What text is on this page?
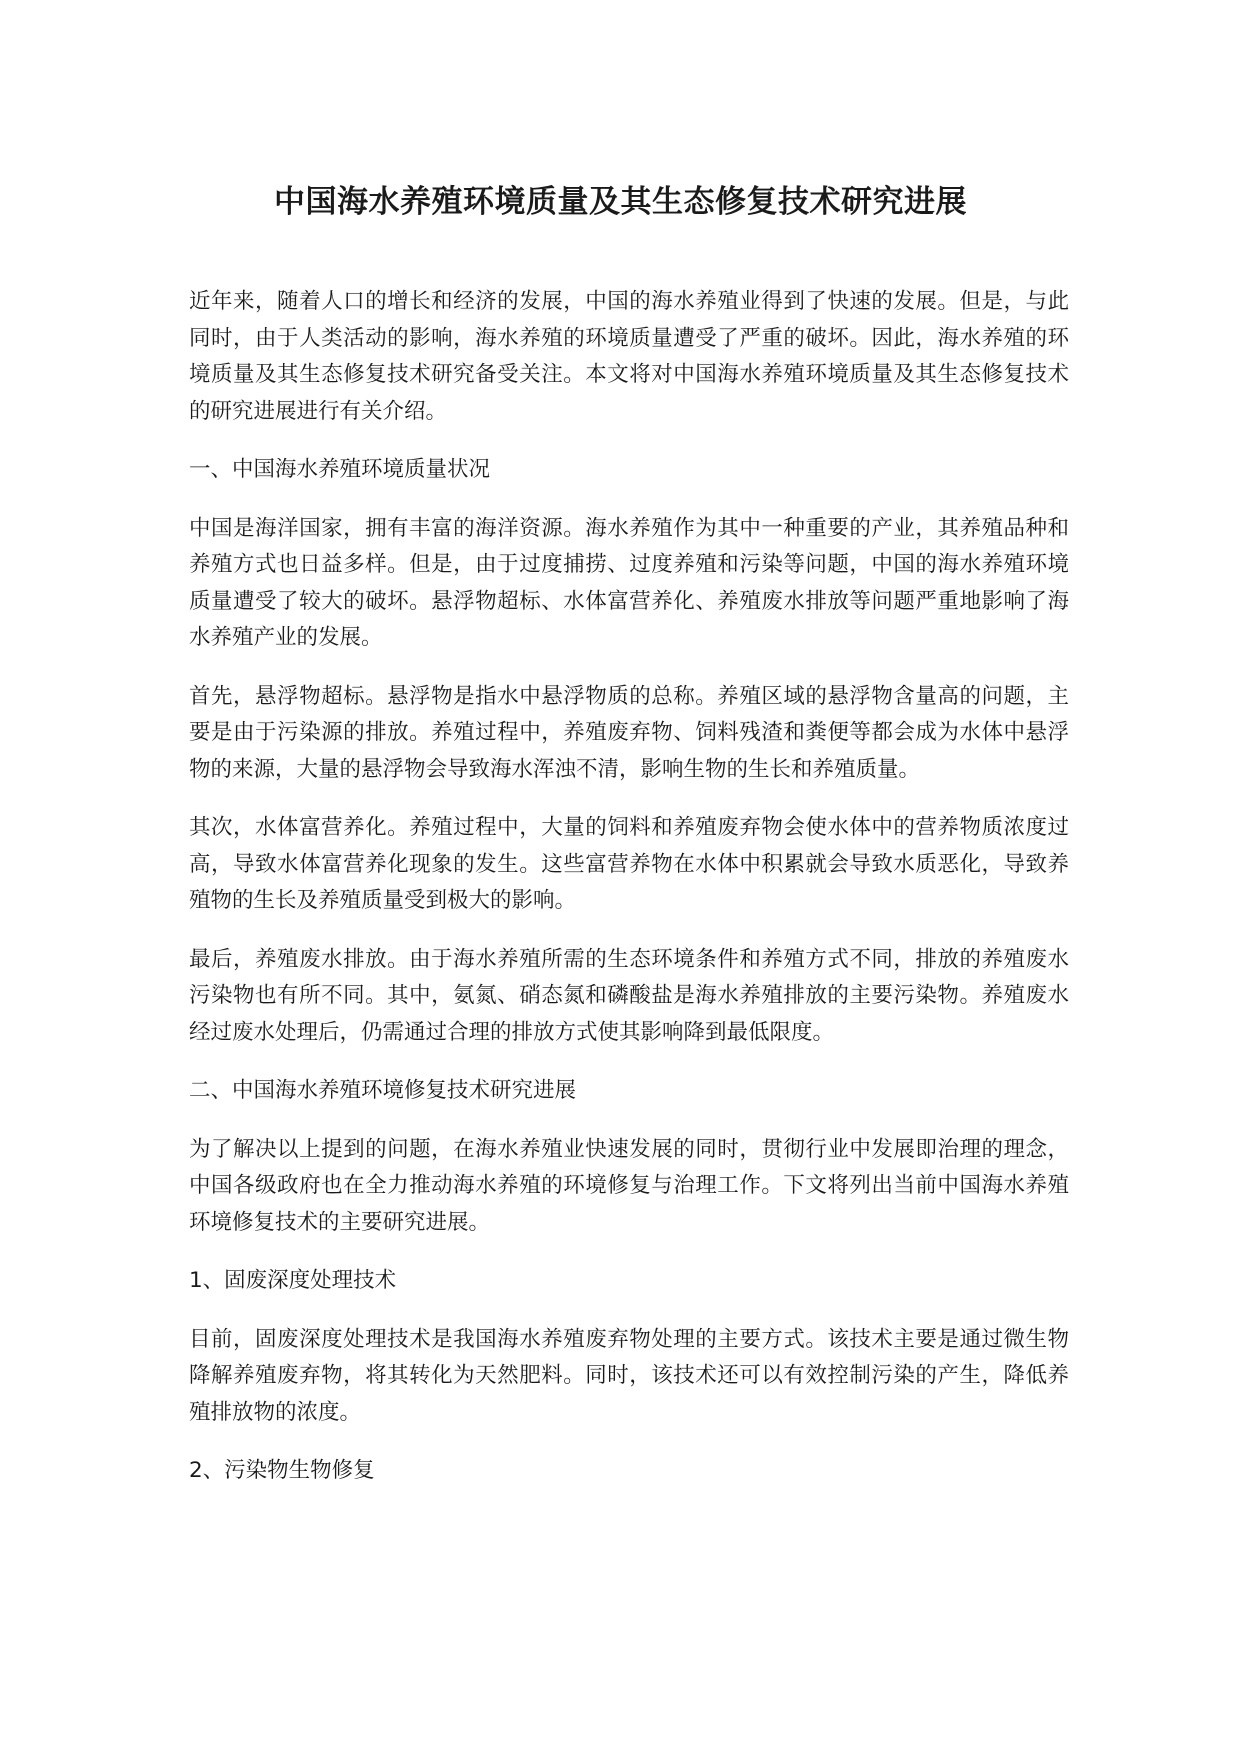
中国海水养殖环境质量及其生态修复技术研究进展

近年来，随着人口的增长和经济的发展，中国的海水养殖业得到了快速的发展。但是，与此同时，由于人类活动的影响，海水养殖的环境质量遭受了严重的破坏。因此，海水养殖的环境质量及其生态修复技术研究备受关注。本文将对中国海水养殖环境质量及其生态修复技术的研究进展进行有关介绍。

一、中国海水养殖环境质量状况

中国是海洋国家，拥有丰富的海洋资源。海水养殖作为其中一种重要的产业，其养殖品种和养殖方式也日益多样。但是，由于过度捕捞、过度养殖和污染等问题，中国的海水养殖环境质量遭受了较大的破坏。悬浮物超标、水体富营养化、养殖废水排放等问题严重地影响了海水养殖产业的发展。

首先，悬浮物超标。悬浮物是指水中悬浮物质的总称。养殖区域的悬浮物含量高的问题，主要是由于污染源的排放。养殖过程中，养殖废弃物、饲料残渣和粪便等都会成为水体中悬浮物的来源，大量的悬浮物会导致海水浑浊不清，影响生物的生长和养殖质量。

其次，水体富营养化。养殖过程中，大量的饲料和养殖废弃物会使水体中的营养物质浓度过高，导致水体富营养化现象的发生。这些富营养物在水体中积累就会导致水质恶化，导致养殖物的生长及养殖质量受到极大的影响。

最后，养殖废水排放。由于海水养殖所需的生态环境条件和养殖方式不同，排放的养殖废水污染物也有所不同。其中，氨氮、硝态氮和磷酸盐是海水养殖排放的主要污染物。养殖废水经过废水处理后，仍需通过合理的排放方式使其影响降到最低限度。

二、中国海水养殖环境修复技术研究进展

为了解决以上提到的问题，在海水养殖业快速发展的同时，贯彻行业中发展即治理的理念，中国各级政府也在全力推动海水养殖的环境修复与治理工作。下文将列出当前中国海水养殖环境修复技术的主要研究进展。

1、固废深度处理技术

目前，固废深度处理技术是我国海水养殖废弃物处理的主要方式。该技术主要是通过微生物降解养殖废弃物，将其转化为天然肥料。同时，该技术还可以有效控制污染的产生，降低养殖排放物的浓度。

2、污染物生物修复
